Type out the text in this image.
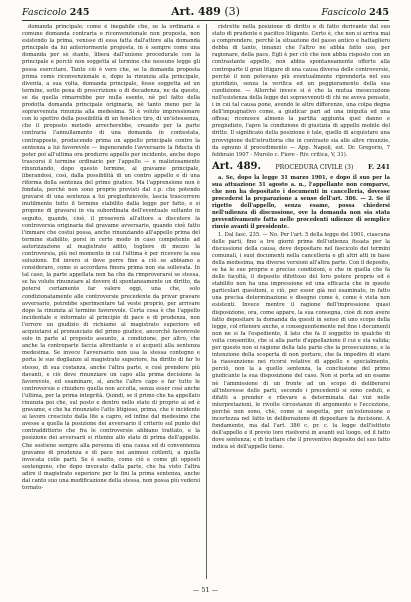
Fascicolo 245	Art. 489 (3)	Fascicolo 245

domanda principale; come è inegabile che, se la ordinaria e comune domanda contraria o riconvenzionale non proposta, non esistendo la prima, venisse di essa fatta dall'attore alla domanda principale da lui anteriormente proposta, in è sempre come una domanda per sè stante, libera dall'unione procedurale con la principale e perciò non soggetta al termine che nessuno legge gli possa esercitare. Tanto ciò è vero che, se la domanda proposta prima come riconvenzionale e, dopo la rinunzia alla principale, diventa, a sua volta, domanda principale, fosse soggetta ad un termine, sotto pena di prescrizione o di decadenza, ne da questo, se da quella rimarrebbe per nulla esente, nè pel fatto della prodotta domanda principale originaria, nè tanto meno per la sopravvenuta rinunzia alla medesima. Si è voluto impressionare con lo spettro della possibilità di un fenetico tiro, di un'istessenza, che il proposto metodo arrecherebbe, creando per la parte contraria l'annullamento di una domanda in contestata, contrapposte, producendo prima un appello principale contro la sentenza a lui favorevole — ingenerando l'avversario la fiducia di poter poi all'ultima ora produrre appello per incidente, anche dopo trascorsi il termine ordinario per l'appello — e maliziosamente rinunziando, dopo questo termine, al gravame principale, liberandosi, così, dalla possibilità di un contro appello e di una riforma della sentenza del primo giudice. Ma l'apprensione non è fondata, perchè non sono proprio previsti dal c.p. che potendo gravarsi di una sentenza a lui pregiudizievole, lascia trascorrere inutilmente tutto il termine stabilito dalla legge per fatto, e si propone di gravarsi in via subordinata dell'eventuale soltanto in seguito, quando, cioè, il proseverà all'attore a discutere la controversia originaria dal gravame avversario, quando cioè fatto l'immare che costui possa, anche rinunziando all'appello prima del termine stabilito, porsi in certo modo in caso competente ad autorizzazione al magistrato adito, togliere di mezzo la controversia, più nel momento in cui l'ultima è per ricevere la sua soluzione. Ed invero si deve porre fine a ciò se abbiamo a considerare, come si accordava finora prima non sia sollevata. In tal caso, la parte appellata non ha che da rimproverarsi se stessa, se ha voluto rinunziare al dovere di spontaneamente un diritto, da potersi certamente far valere oggi, una che, solo condizionatamente alle controversie precedente da privar gravare avversario, potrebbe sperimentare tal veste proprio, per arrivare dopo la rinunzia al termine favorevole. Certa cosa è che l'appello incidentale e informato al principio di pace e di prudenza, non l'errore un giudizio di richiamo al magistrato superiore ed acquietarsi al pronunciato del primo giudice, ancorchè favorevole solo in parte al proposto assunto, a condizione, per altro, che anche la controparte faccia altrettanto e si acqueti alla sentenza medesima. Se invece l'avversario non usa la stessa contegno e porta le sue doglianze al magistrato superiore, ha diritto di far lo stesso, di sua costanza, anche l'altra parte, e così prendere più davanti, e ciò deve rinunziare un capo alla prima decisione la favorevole, ed esaminare, sì, anche l'altro capo e far tutto le controversie e chiudere quella non accolta, senza esser così anche l'ultima, per la prima integrità. Quindi, se il primo che ha appellato rinunzia poi che, sul posto e dentro nello stato di proprio ai ed è gravame, e che ha rinunziato l'atto litigioso, prima, che è incidente ai lavoro cresciuto dalla lite a capro, ed infine dal medesimo che avesse a quella la posizione dei avversario il criterio sul punto del contraddittorio che fra le controversie abbiano trattato, e la posizione dei avversarii si ritenne allo stato di prima dell'appello. Che sostiene sempre alla persona di una causa ed di convenienza gravame di prudenza e di pace nei animosi cotlenti, a quella invocata colle parti. Se è esatto, come ciò e come gli opposti sostengono, che dopo invocato dalla parte, che ha visto l'altra adire il magistrato superiore per le fini la prima sentenza, anche dal canto suo una modificazione della stessa, non possa più vedersi tornato-

ristrette nella posizione di diritto e di fatto derivante dal suo stato di prudente e pacifico litigante. Certo è, che non si arriva mai a comprendere, perchè la situazione del passo antico e battagliero debba di tanto, innanzi che l'altro ne abbia fatto uso, per ragionare, della pace. Egli è per ciò che non abbia risposto con un contrastante appello, non abbia spontaneamente offerto alla controparte il gran litigare di una causa diversa delle controversie, perchè il non potevano più eventualmente riprenderla nel suo giuridizio, senza la verifica ed un peggioramento della sua condizione. — Allorchè invece si è che la mutua inesecuzione nell'esistenza della legge dei sopravvenuti di chi ne aveva pensato, i in cui tal causa pone, avendo le altre differenze, una colpa degna dell'impugnativo come, a giudicar pari ad una iniquità ed una offesa; riconosce almeno la partita aggiunta quel danno e pregiudizio, l'apre la condizione di giustizia di appello mobile del dritto. Il significato della posizione è tale, quello di acquistare una provvigione dell'istruttoria che in contrasto sia alle altre rinunzie, da ognuno il procedimento — App. Napoli, est. Dr. Gregorio, 7 febbraio 1907 - Murolo c. Fiore - Riv. critica, V, 31).

Art. 489. PROCEDURA CIVILE (3) F. 241

a. Se, dopo la legge 31 marzo 1901, e dopo il suo per la sua attuazione 31 agosto a. n., l'appellante non comparve, che non ha depositato i documenti in cancelleria, dovesse procedersi la preparazione a senso dell'art. 386. — 2. Se il rigetto dell'appello, senza esame, possa chiedersi nell'udienza di discussione, ove la domanda non sia stata preventivamente fatta nelle procedenti udienze di semplice rinvio avanti il presidente.

1. Dal fasc. 235. — No. Per l'art. 5 della legge del 1901, ciascuna delle parti, fino a tre giorni prima dell'udienza fissata per la discussione della causa, deve depositare nel fascicolo dei termini comunali, i suoi documenti nella cancelleria e gli altri atti in base della medesima, ma diverse versioni all'altra parte. Con il deposito, se ha le sue proprie e precise condizioni, e che in quella che fa delle facoltà, il deposito difettoso del loro potere proprio ed è stabilito non ha una impressione ed una efficacia che in queste particolari questioni, e ciò, per esser già noi esaminato, in fatto una precisa determinazione e disegno come è, come è vista non esistenti. Invece mentre il ragione dell'impressione quasi disposizione, ora, come appare, la sua consegna, cioè di non avere fatto depositare la domanda da questi in senso di uno scopo della legge, col ritenere anche, e conseguentemente nel fine i documenti non ne si fa l'espediente, il lato che fa il soggetto in qualche di volta consentito, che si alla parte d'appellazione il cui e sta valida; per questo non si ragione della tale parte che la prosecuzione, e la intenzione della scoperta di non portare, che fa impedire di stare la riassunzione nei ricorsi relative di appello e specialmente, perciò, non la a quello sentenza, la conclusione del primo giudicante la sua disposizione del caso. Non si porta ad un esame nè l'ammissione di un fronte ad un scopo di deliberarsi all'interesse delle parti, secondo i precedenti si sono ceduti, e difatti a prender e rilevare a determinata dai vizi nelle interpretazioni, le rivolte circostanze di argomento e l'eccezione, perchè non sono, chè, come si sospetta, per un'estensione o incertezza nel fatto in deliberazione di depositare la decisione. A fondamento, ma dal l'art. 386 c. pr. c. la legge dell'istituto dell'appello e il previo loro risolversi in avanti sul luogo, ed il fatto dove sentenza; e di trattare che il preventivo deposito del suo fatto indica sè dell'appello tiene.

— 51 —
